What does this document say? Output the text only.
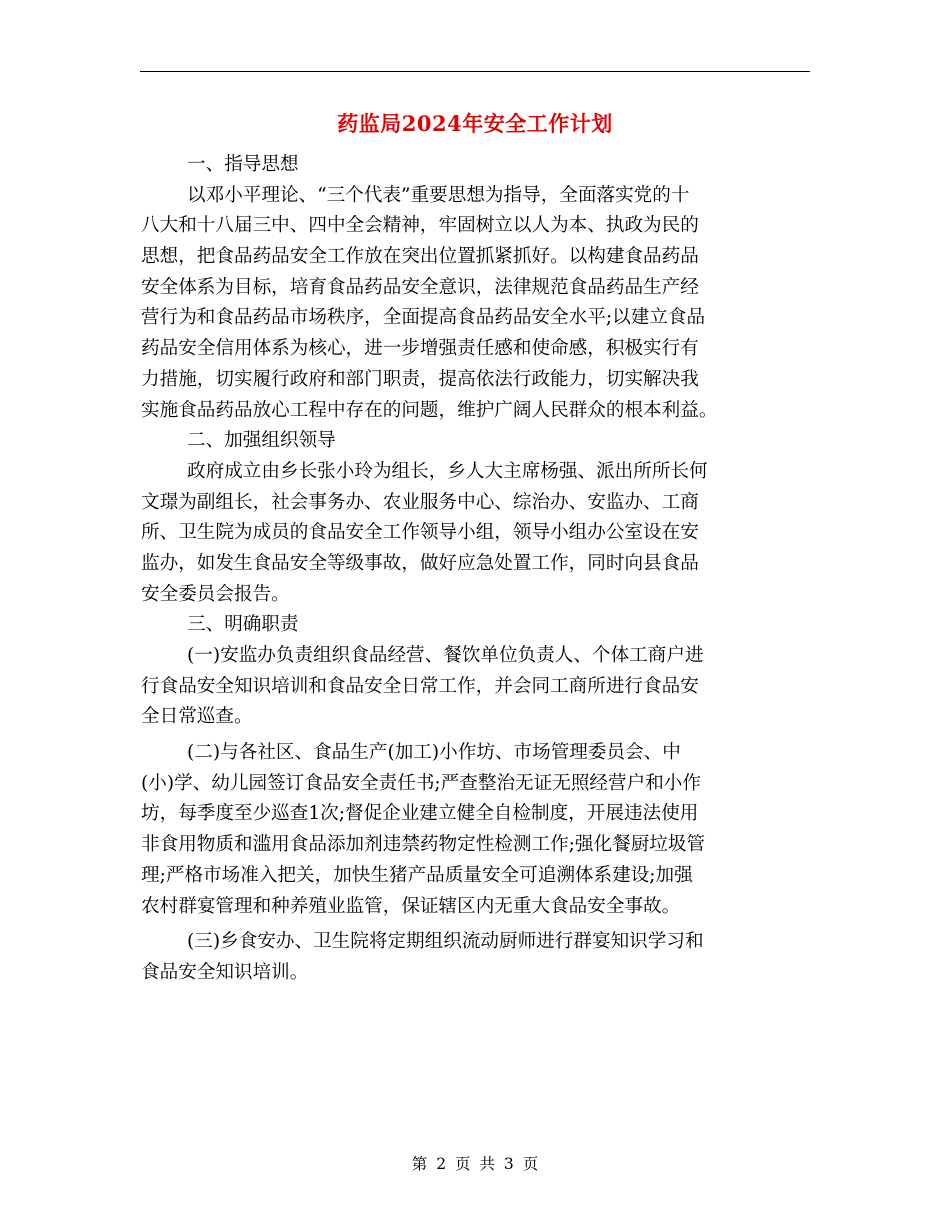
药监局2024年安全工作计划
一、指导思想
以邓小平理论、“三个代表”重要思想为指导，全面落实党的十
八大和十八届三中、四中全会精神，牢固树立以人为本、执政为民的
思想，把食品药品安全工作放在突出位置抓紧抓好。以构建食品药品
安全体系为目标，培育食品药品安全意识，法律规范食品药品生产经
营行为和食品药品市场秩序，全面提高食品药品安全水平;以建立食品
药品安全信用体系为核心，进一步增强责任感和使命感，积极实行有
力措施，切实履行政府和部门职责，提高依法行政能力，切实解决我
实施食品药品放心工程中存在的问题，维护广阔人民群众的根本利益。
二、加强组织领导
政府成立由乡长张小玲为组长，乡人大主席杨强、派出所所长何
文璟为副组长，社会事务办、农业服务中心、综治办、安监办、工商
所、卫生院为成员的食品安全工作领导小组，领导小组办公室设在安
监办，如发生食品安全等级事故，做好应急处置工作，同时向县食品
安全委员会报告。
三、明确职责
(一)安监办负责组织食品经营、餐饮单位负责人、个体工商户进
行食品安全知识培训和食品安全日常工作，并会同工商所进行食品安
全日常巡查。
(二)与各社区、食品生产(加工)小作坊、市场管理委员会、中
(小)学、幼儿园签订食品安全责任书;严查整治无证无照经营户和小作
坊，每季度至少巡查1次;督促企业建立健全自检制度，开展违法使用
非食用物质和滥用食品添加剂违禁药物定性检测工作;强化餐厨垃圾管
理;严格市场准入把关，加快生猪产品质量安全可追溯体系建设;加强
农村群宴管理和种养殖业监管，保证辖区内无重大食品安全事故。
(三)乡食安办、卫生院将定期组织流动厨师进行群宴知识学习和
食品安全知识培训。
第 2 页 共 3 页
